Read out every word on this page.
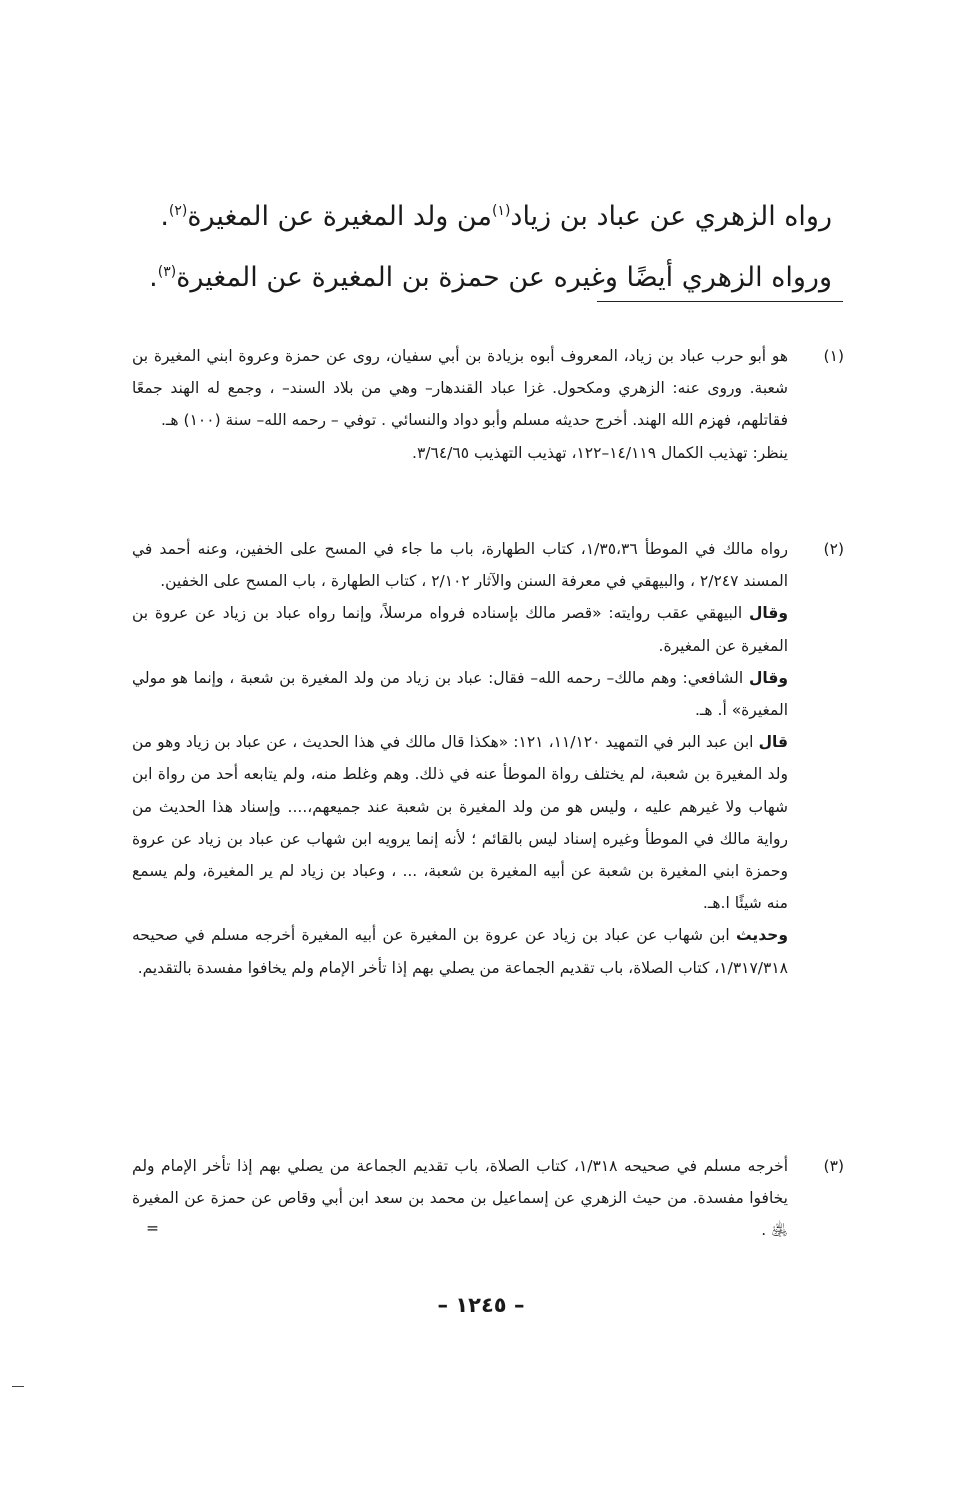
رواه الزهري عن عباد بن زياد$^{(١)}$من ولد المغيرة عن المغيرة$^{(٢)}$.
ورواه الزهري أيضًا وغيره عن حمزة بن المغيرة عن المغيرة$^{(٣)}$.
(١)

هو أبو حرب عباد بن زياد، المعروف أبوه بزيادة بن أبي سفيان، روى عن حمزة وعروة ابني المغيرة بن شعبة. وروى عنه: الزهري ومكحول. غزا عباد القندهار– وهي من بلاد السند– ، وجمع له الهند جمعًا فقاتلهم، فهزم الله الهند. أخرج حديثه مسلم وأبو دواد والنسائي . توفي – رحمه الله– سنة (١٠٠) هـ.

ينظر: تهذيب الكمال ١٤/١١٩–١٢٢، تهذيب التهذيب ٣/٦٤/٦٥.

(٢)

رواه مالك في الموطأ ١/٣٥،٣٦، كتاب الطهارة، باب ما جاء في المسح على الخفين، وعنه أحمد في المسند ٢/٢٤٧ ، والبيهقي في معرفة السنن والآثار ٢/١٠٢ ، كتاب الطهارة ، باب المسح على الخفين.

وقال البيهقي عقب روايته: «قصر مالك بإسناده فرواه مرسلاً، وإنما رواه عباد بن زياد عن عروة بن المغيرة عن المغيرة.

وقال الشافعي: وهم مالك– رحمه الله– فقال: عباد بن زياد من ولد المغيرة بن شعبة ، وإنما هو مولي المغيرة» أ. هـ.

قال ابن عبد البر في التمهيد ١١/١٢٠، ١٢١: «هكذا قال مالك في هذا الحديث ، عن عباد بن زياد وهو من ولد المغيرة بن شعبة، لم يختلف رواة الموطأ عنه في ذلك. وهم وغلط منه، ولم يتابعه أحد من رواة ابن شهاب ولا غيرهم عليه ، وليس هو من ولد المغيرة بن شعبة عند جميعهم،.... وإسناد هذا الحديث من رواية مالك في الموطأ وغيره إسناد ليس بالقائم ؛ لأنه إنما يرويه ابن شهاب عن عباد بن زياد عن عروة وحمزة ابني المغيرة بن شعبة عن أبيه المغيرة بن شعبة، ... ، وعباد بن زياد لم ير المغيرة، ولم يسمع منه شيئًا ا.هـ.

وحديث ابن شهاب عن عباد بن زياد عن عروة بن المغيرة عن أبيه المغيرة أخرجه مسلم في صحيحه ١/٣١٧/٣١٨، كتاب الصلاة، باب تقديم الجماعة من يصلي بهم إذا تأخر الإمام ولم يخافوا مفسدة بالتقديم.

(٣)

أخرجه مسلم في صحيحه ١/٣١٨، كتاب الصلاة، باب تقديم الجماعة من يصلي بهم إذا تأخر الإمام ولم يخافوا مفسدة. من حيث الزهري عن إسماعيل بن محمد بن سعد ابن أبي وقاص عن حمزة عن المغيرة ﵁ .

=
– ١٢٤٥ –
